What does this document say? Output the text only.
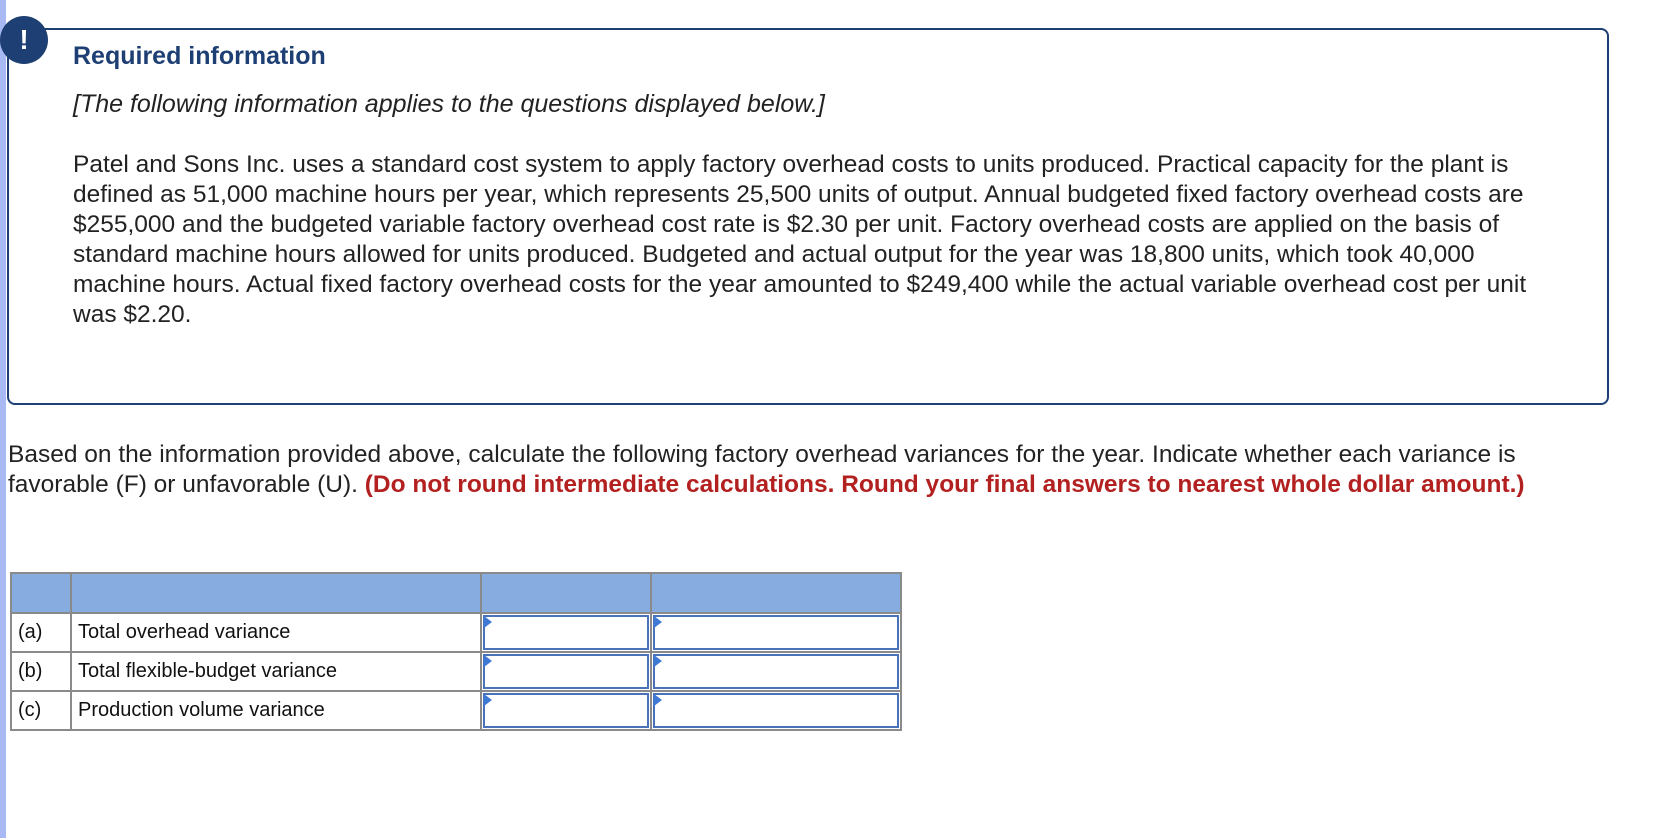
!
Required information
[The following information applies to the questions displayed below.]
Patel and Sons Inc. uses a standard cost system to apply factory overhead costs to units produced. Practical capacity for the plant is defined as 51,000 machine hours per year, which represents 25,500 units of output. Annual budgeted fixed factory overhead costs are $255,000 and the budgeted variable factory overhead cost rate is $2.30 per unit. Factory overhead costs are applied on the basis of standard machine hours allowed for units produced. Budgeted and actual output for the year was 18,800 units, which took 40,000 machine hours. Actual fixed factory overhead costs for the year amounted to $249,400 while the actual variable overhead cost per unit was $2.20.
Based on the information provided above, calculate the following factory overhead variances for the year. Indicate whether each variance is favorable (F) or unfavorable (U). (Do not round intermediate calculations. Round your final answers to nearest whole dollar amount.)

(a)	Total overhead variance	

(b)	Total flexible-budget variance	

(c)	Production volume variance	
